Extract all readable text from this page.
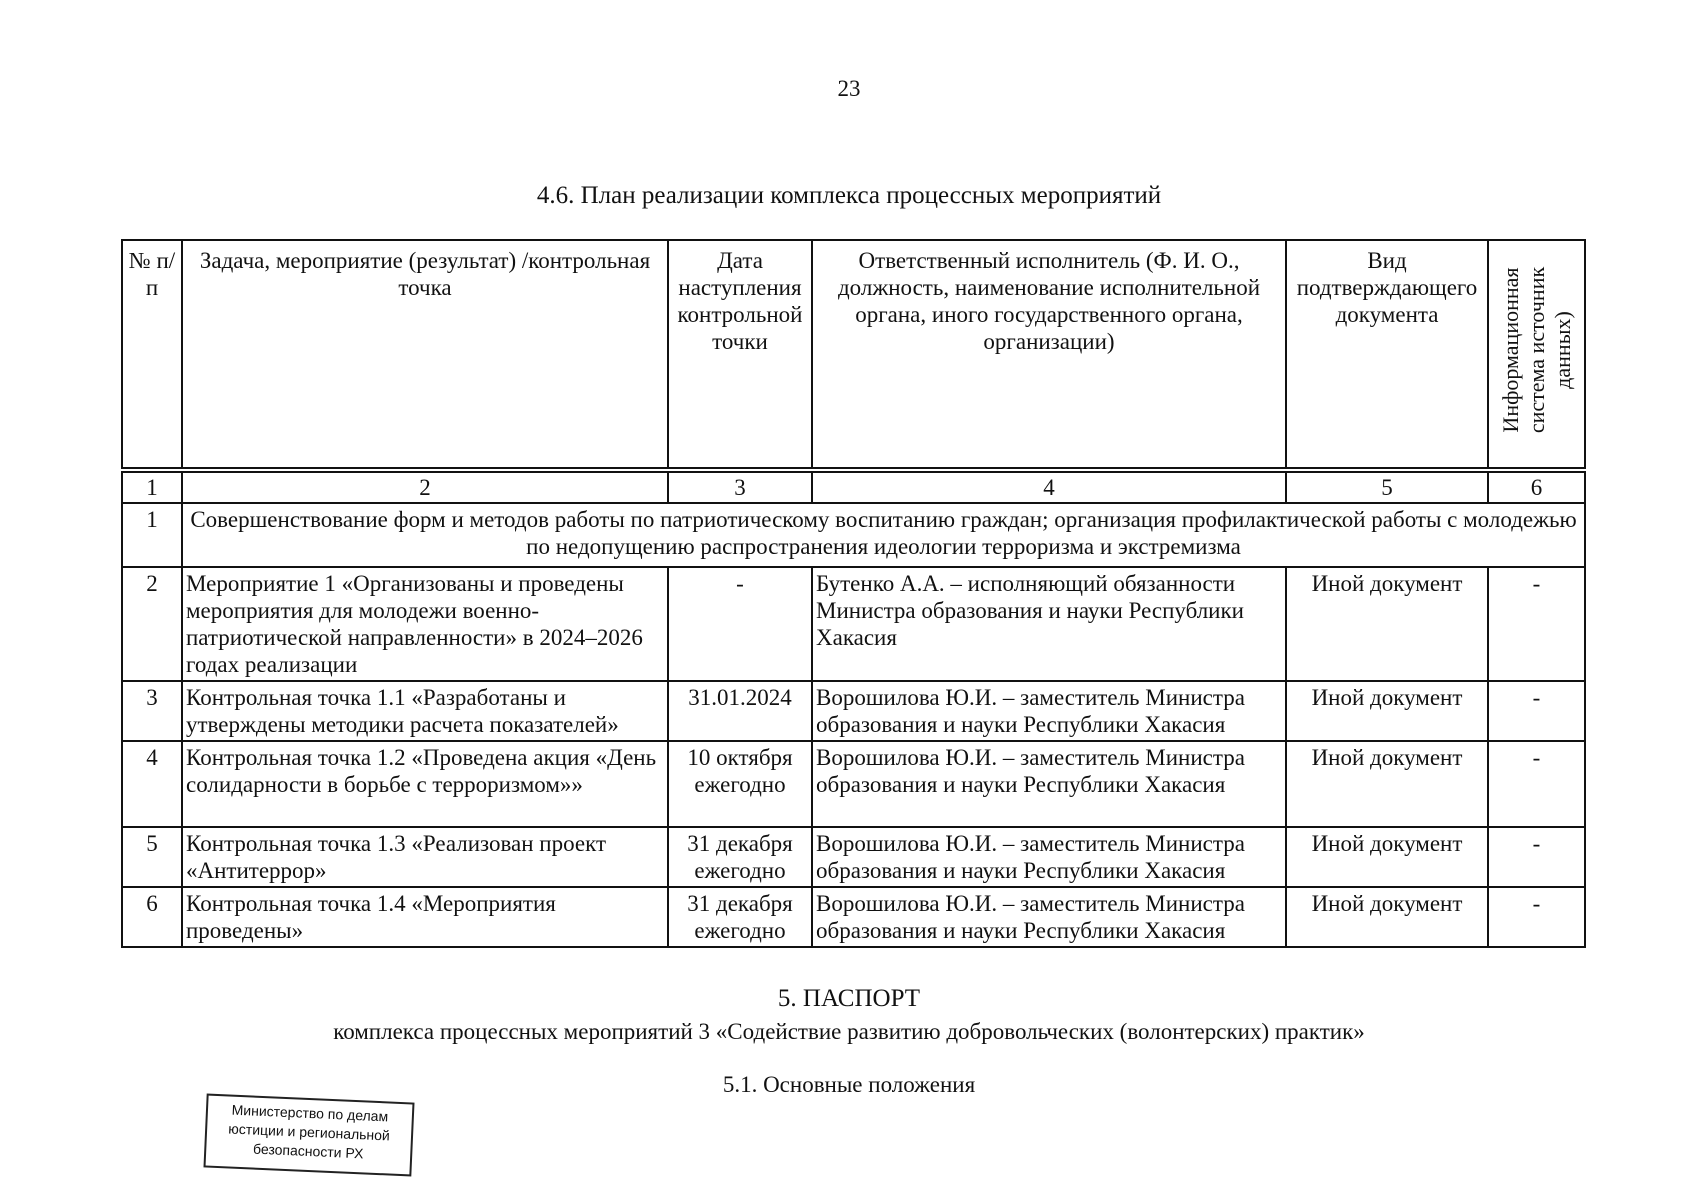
23
4.6. План реализации комплекса процессных мероприятий
№ п/п	Задача, мероприятие (результат) /контрольная точка	Дата наступления контрольной точки	Ответственный исполнитель (Ф. И. О., должность, наименование исполнительной органа, иного государственного органа, организации)	Вид подтверждающего документа	Информационная система источник данных)

1	2	3	4	5	6
1	Совершенствование форм и методов работы по патриотическому воспитанию граждан; организация профилактической работы с молодежью по недопущению распространения идеологии терроризма и экстремизма				
2	Мероприятие 1 «Организованы и проведены мероприятия для молодежи военно-патриотической направленности» в 2024–2026 годах реализации	-	Бутенко А.А. – исполняющий обязанности Министра образования и науки Республики Хакасия	Иной документ	-
3	Контрольная точка 1.1 «Разработаны и утверждены методики расчета показателей»	31.01.2024	Ворошилова Ю.И. – заместитель Министра образования и науки Республики Хакасия	Иной документ	-
4	Контрольная точка 1.2 «Проведена акция «День солидарности в борьбе с терроризмом»»	10 октября ежегодно	Ворошилова Ю.И. – заместитель Министра образования и науки Республики Хакасия	Иной документ	-
5	Контрольная точка 1.3 «Реализован проект «Антитеррор»	31 декабря ежегодно	Ворошилова Ю.И. – заместитель Министра образования и науки Республики Хакасия	Иной документ	-
6	Контрольная точка 1.4 «Мероприятия проведены»	31 декабря ежегодно	Ворошилова Ю.И. – заместитель Министра образования и науки Республики Хакасия	Иной документ	-
5. ПАСПОРТ
комплекса процессных мероприятий 3 «Содействие развитию добровольческих (волонтерских) практик»
5.1. Основные положения
Министерство по делам
юстиции и региональной
безопасности РХ
